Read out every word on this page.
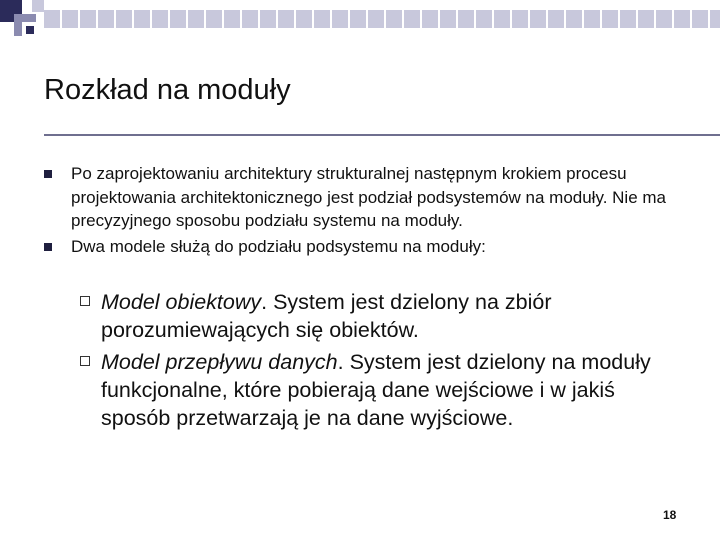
Rozkład na moduły
Po zaprojektowaniu architektury strukturalnej następnym krokiem procesu projektowania architektonicznego jest podział podsystemów na moduły. Nie ma precyzyjnego sposobu podziału systemu na moduły.
Dwa modele służą do podziału podsystemu na moduły:
Model obiektowy. System jest dzielony na zbiór porozumiewających się obiektów.
Model przepływu danych. System jest dzielony na moduły funkcjonalne, które pobierają dane wejściowe i w jakiś sposób przetwarzają je na dane wyjściowe.
18
